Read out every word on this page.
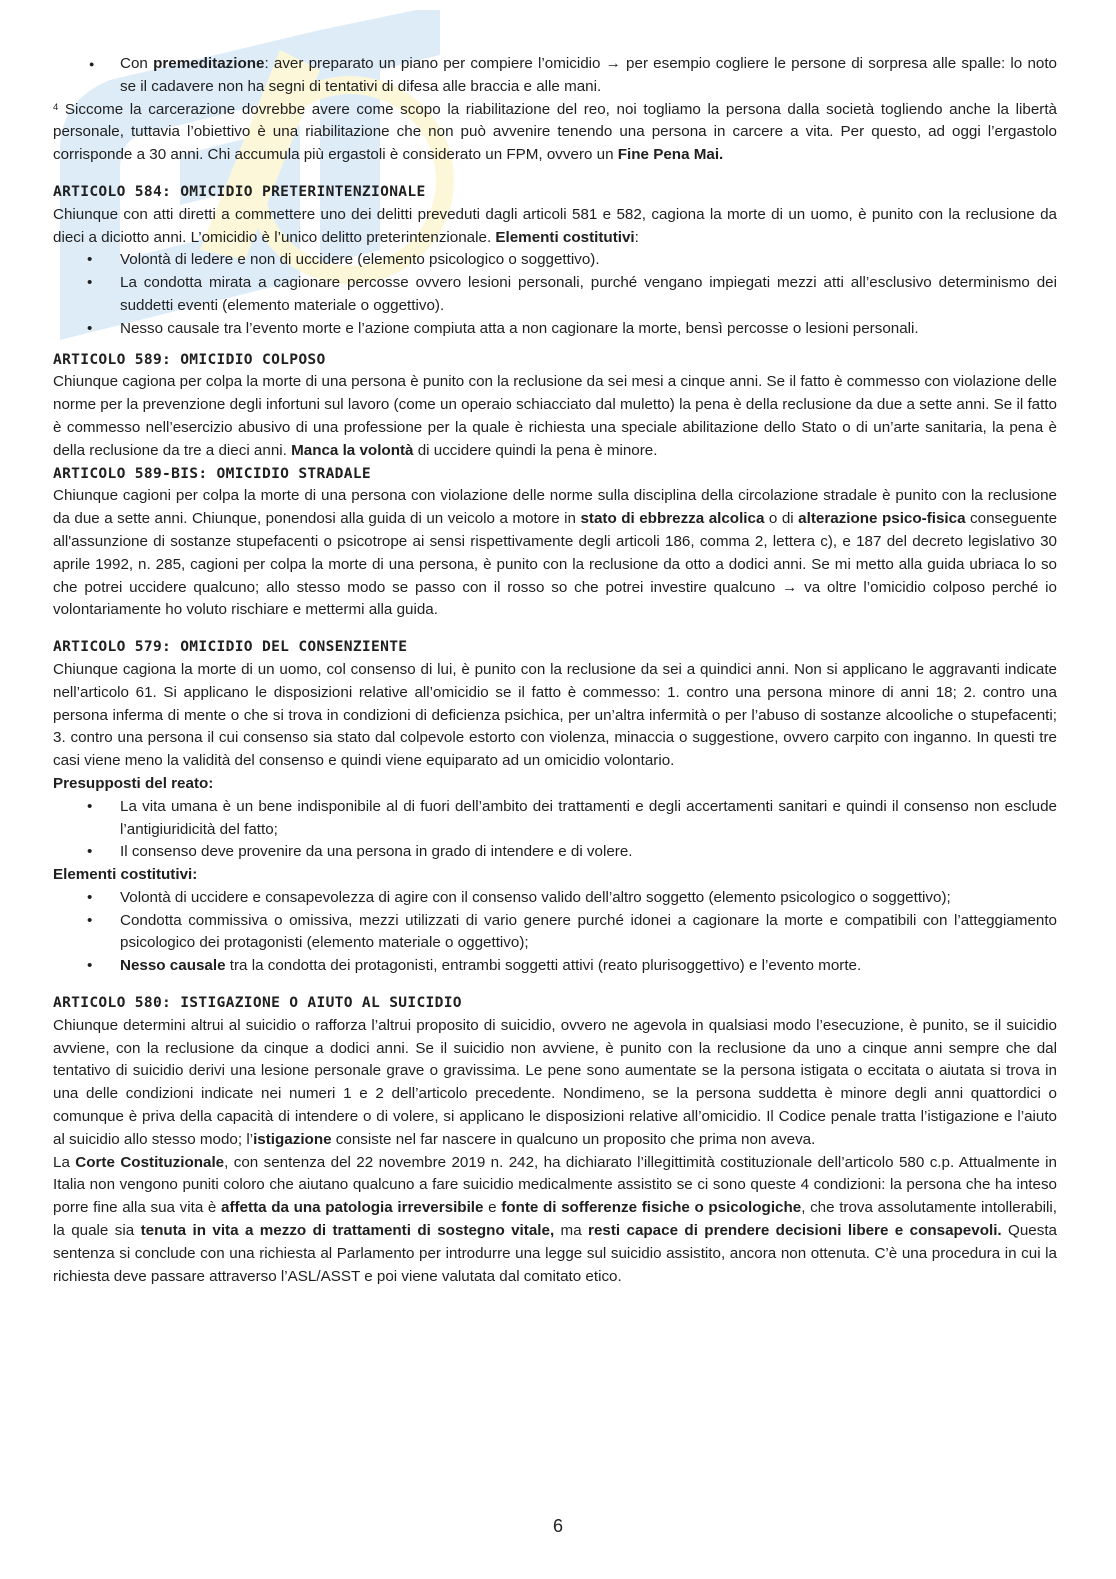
● Con premeditazione: aver preparato un piano per compiere l’omicidio → per esempio cogliere le persone di sorpresa alle spalle: lo noto se il cadavere non ha segni di tentativi di difesa alle braccia e alle mani.

$^4$ Siccome la carcerazione dovrebbe avere come scopo la riabilitazione del reo, noi togliamo la persona dalla società togliendo anche la libertà personale, tuttavia l’obiettivo è una riabilitazione che non può avvenire tenendo una persona in carcere a vita. Per questo, ad oggi l’ergastolo corrisponde a 30 anni. Chi accumula più ergastoli è considerato un FPM, ovvero un Fine Pena Mai.

ARTICOLO 584: OMICIDIO PRETERINTENZIONALE

Chiunque con atti diretti a commettere uno dei delitti preveduti dagli articoli 581 e 582, cagiona la morte di un uomo, è punito con la reclusione da dieci a diciotto anni. L’omicidio è l’unico delitto preterintenzionale. Elementi costitutivi:

• Volontà di ledere e non di uccidere (elemento psicologico o soggettivo).
• La condotta mirata a cagionare percosse ovvero lesioni personali, purché vengano impiegati mezzi atti all’esclusivo determinismo dei suddetti eventi (elemento materiale o oggettivo).
• Nesso causale tra l’evento morte e l’azione compiuta atta a non cagionare la morte, bensì percosse o lesioni personali.
ARTICOLO 589: OMICIDIO COLPOSO

Chiunque cagiona per colpa la morte di una persona è punito con la reclusione da sei mesi a cinque anni. Se il fatto è commesso con violazione delle norme per la prevenzione degli infortuni sul lavoro (come un operaio schiacciato dal muletto) la pena è della reclusione da due a sette anni. Se il fatto è commesso nell’esercizio abusivo di una professione per la quale è richiesta una speciale abilitazione dello Stato o di un’arte sanitaria, la pena è della reclusione da tre a dieci anni. Manca la volontà di uccidere quindi la pena è minore.

ARTICOLO 589-BIS: OMICIDIO STRADALE

Chiunque cagioni per colpa la morte di una persona con violazione delle norme sulla disciplina della circolazione stradale è punito con la reclusione da due a sette anni. Chiunque, ponendosi alla guida di un veicolo a motore in stato di ebbrezza alcolica o di alterazione psico-fisica conseguente all'assunzione di sostanze stupefacenti o psicotrope ai sensi rispettivamente degli articoli 186, comma 2, lettera c), e 187 del decreto legislativo 30 aprile 1992, n. 285, cagioni per colpa la morte di una persona, è punito con la reclusione da otto a dodici anni. Se mi metto alla guida ubriaca lo so che potrei uccidere qualcuno; allo stesso modo se passo con il rosso so che potrei investire qualcuno → va oltre l’omicidio colposo perché io volontariamente ho voluto rischiare e mettermi alla guida.

ARTICOLO 579: OMICIDIO DEL CONSENZIENTE

Chiunque cagiona la morte di un uomo, col consenso di lui, è punito con la reclusione da sei a quindici anni. Non si applicano le aggravanti indicate nell’articolo 61. Si applicano le disposizioni relative all’omicidio se il fatto è commesso: 1. contro una persona minore di anni 18; 2. contro una persona inferma di mente o che si trova in condizioni di deficienza psichica, per un’altra infermità o per l’abuso di sostanze alcooliche o stupefacenti; 3. contro una persona il cui consenso sia stato dal colpevole estorto con violenza, minaccia o suggestione, ovvero carpito con inganno. In questi tre casi viene meno la validità del consenso e quindi viene equiparato ad un omicidio volontario.

Presupposti del reato:

• La vita umana è un bene indisponibile al di fuori dell’ambito dei trattamenti e degli accertamenti sanitari e quindi il consenso non esclude l’antigiuridicità del fatto;
• Il consenso deve provenire da una persona in grado di intendere e di volere.

Elementi costitutivi:

• Volontà di uccidere e consapevolezza di agire con il consenso valido dell’altro soggetto (elemento psicologico o soggettivo);
• Condotta commissiva o omissiva, mezzi utilizzati di vario genere purché idonei a cagionare la morte e compatibili con l’atteggiamento psicologico dei protagonisti (elemento materiale o oggettivo);
• Nesso causale tra la condotta dei protagonisti, entrambi soggetti attivi (reato plurisoggettivo) e l’evento morte.
ARTICOLO 580: ISTIGAZIONE O AIUTO AL SUICIDIO

Chiunque determini altrui al suicidio o rafforza l’altrui proposito di suicidio, ovvero ne agevola in qualsiasi modo l’esecuzione, è punito, se il suicidio avviene, con la reclusione da cinque a dodici anni. Se il suicidio non avviene, è punito con la reclusione da uno a cinque anni sempre che dal tentativo di suicidio derivi una lesione personale grave o gravissima. Le pene sono aumentate se la persona istigata o eccitata o aiutata si trova in una delle condizioni indicate nei numeri 1 e 2 dell’articolo precedente. Nondimeno, se la persona suddetta è minore degli anni quattordici o comunque è priva della capacità di intendere o di volere, si applicano le disposizioni relative all’omicidio. Il Codice penale tratta l’istigazione e l’aiuto al suicidio allo stesso modo; l’istigazione consiste nel far nascere in qualcuno un proposito che prima non aveva.

La Corte Costituzionale, con sentenza del 22 novembre 2019 n. 242, ha dichiarato l’illegittimità costituzionale dell’articolo 580 c.p. Attualmente in Italia non vengono puniti coloro che aiutano qualcuno a fare suicidio medicalmente assistito se ci sono queste 4 condizioni: la persona che ha inteso porre fine alla sua vita è affetta da una patologia irreversibile e fonte di sofferenze fisiche o psicologiche, che trova assolutamente intollerabili, la quale sia tenuta in vita a mezzo di trattamenti di sostegno vitale, ma resti capace di prendere decisioni libere e consapevoli. Questa sentenza si conclude con una richiesta al Parlamento per introdurre una legge sul suicidio assistito, ancora non ottenuta. C’è una procedura in cui la richiesta deve passare attraverso l’ASL/ASST e poi viene valutata dal comitato etico.

6
